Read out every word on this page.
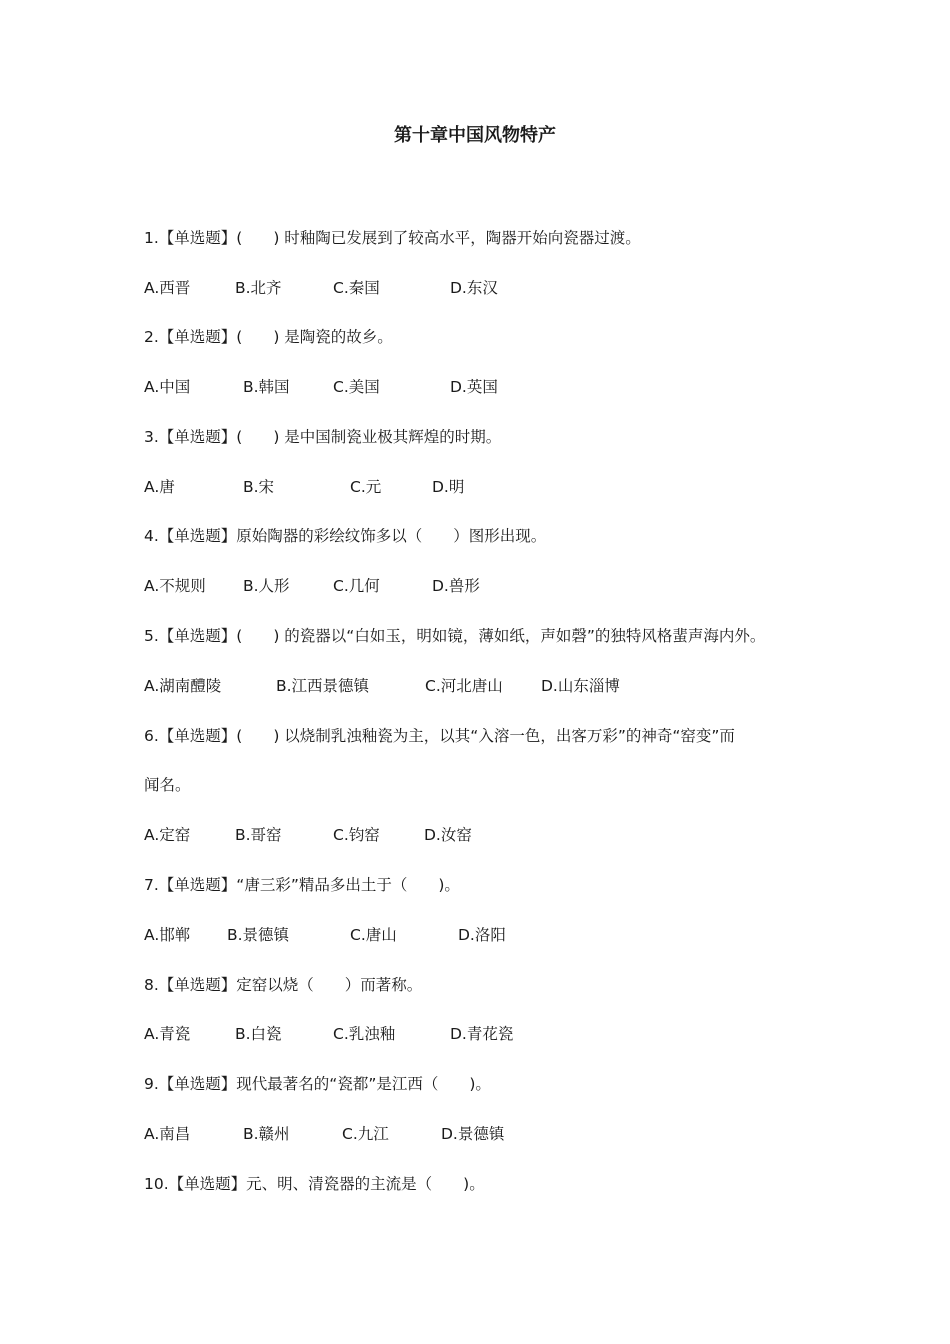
第十章中国风物特产
1.【单选题】(　　) 时釉陶已发展到了较高水平，陶器开始向瓷器过渡。
A.西晋	B.北齐	C.秦国	D.东汉
2.【单选题】(　　) 是陶瓷的故乡。
A.中国	B.韩国	C.美国	D.英国
3.【单选题】(　　) 是中国制瓷业极其辉煌的时期。
A.唐	B.宋	C.元	D.明
4.【单选题】原始陶器的彩绘纹饰多以（　　）图形出现。
A.不规则 B.人形	C.几何	D.兽形
5.【单选题】(　　) 的瓷器以“白如玉，明如镜，薄如纸，声如磬”的独特风格蜚声海内外。
A.湖南醴陵	B.江西景德镇	C.河北唐山 D.山东淄博
6.【单选题】(　　) 以烧制乳浊釉瓷为主，以其“入溶一色，出客万彩”的神奇“窑变”而
闻名。
A.定窑	B.哥窑	C.钧窑	D.汝窑
7.【单选题】“唐三彩”精品多出土于（　　)。
A.邯郸 B.景德镇	C.唐山	D.洛阳
8.【单选题】定窑以烧（　　）而著称。
A.青瓷	B.白瓷	C.乳浊釉	D.青花瓷
9.【单选题】现代最著名的“瓷都”是江西（　　)。
A.南昌	B.赣州	C.九江	D.景德镇
10.【单选题】元、明、清瓷器的主流是（　　)。
